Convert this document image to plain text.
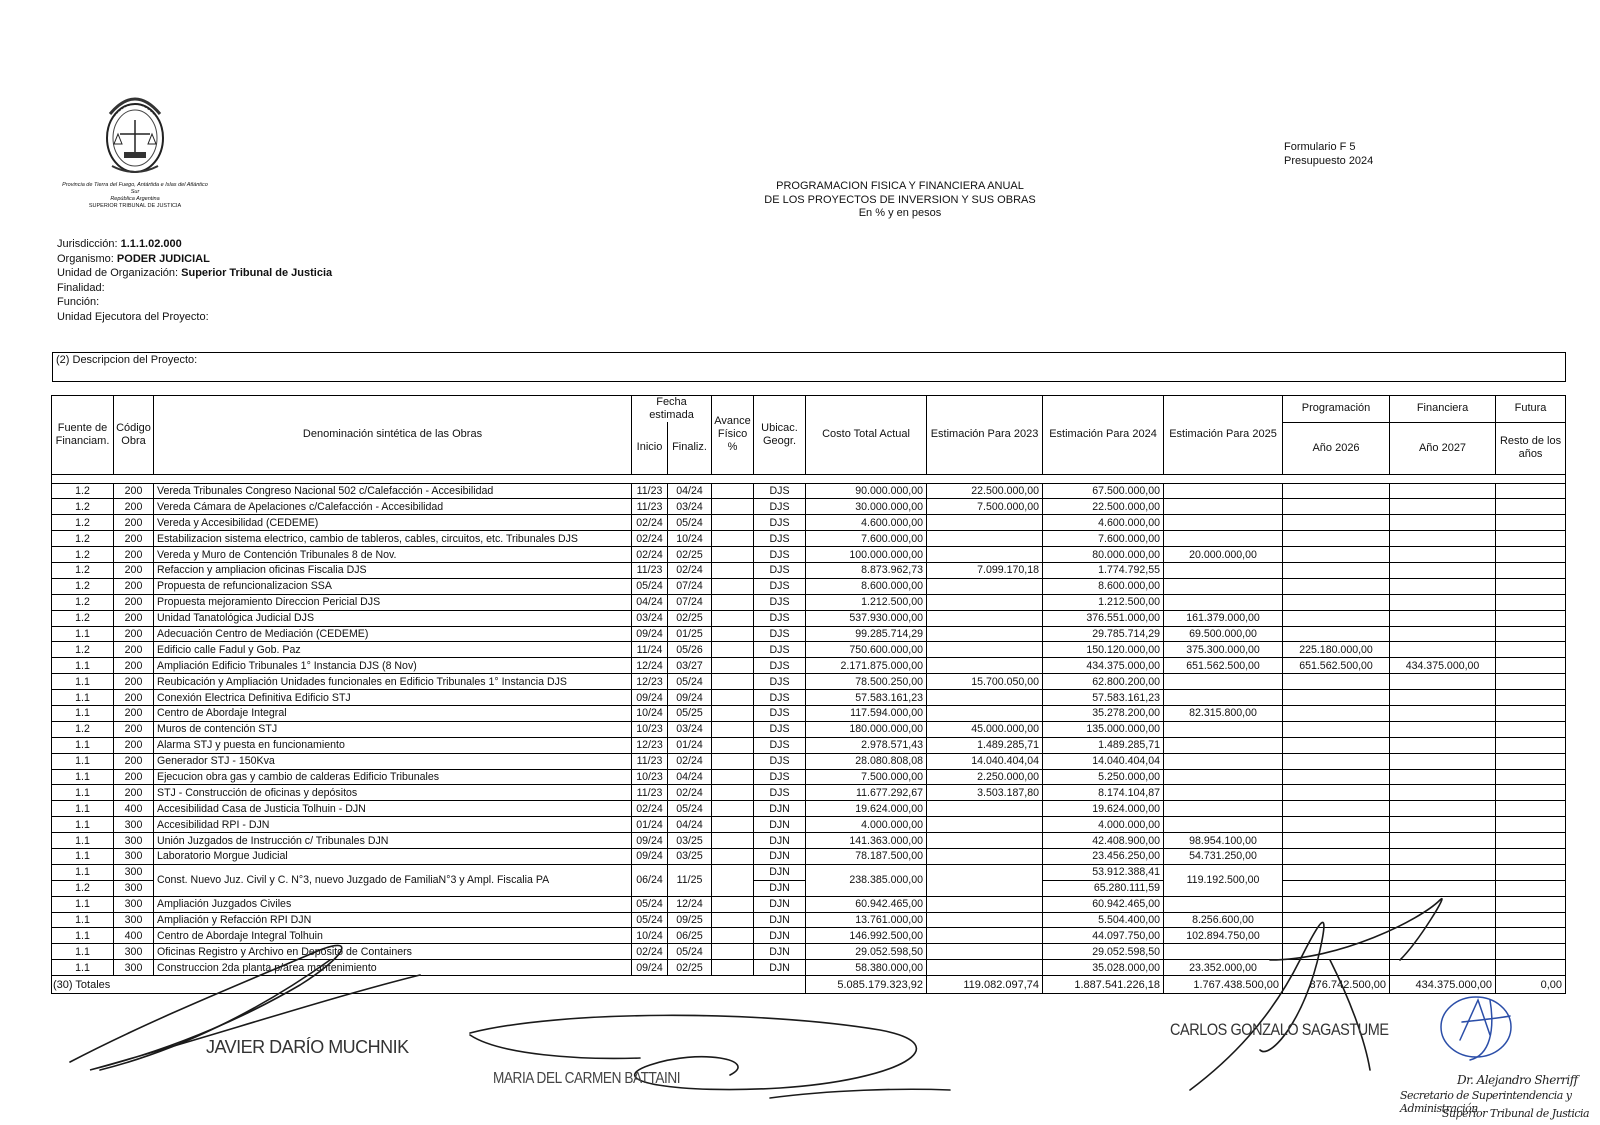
Provincia de Tierra del Fuego, Antártida e Islas del Atlántico Sur
República Argentina
SUPERIOR TRIBUNAL DE JUSTICIA
Formulario F 5
Presupuesto 2024
PROGRAMACION FISICA Y FINANCIERA ANUAL
DE LOS PROYECTOS DE INVERSION Y SUS OBRAS
En % y en pesos
Jurisdicción: 1.1.1.02.000
Organismo: PODER JUDICIAL
Unidad de Organización: Superior Tribunal de Justicia
Finalidad:
Función:
Unidad Ejecutora del Proyecto:
(2) Descripcion del Proyecto:
Fuente de Financiam.	Código Obra	Denominación sintética de las Obras	Fecha estimada		Avance Físico %	Ubicac. Geogr.	Costo Total Actual	Estimación Para 2023	Estimación Para 2024	Estimación Para 2025	Programación	Financiera	Futura
			Inicio	Finaliz.							Año 2026	Año 2027	Resto de los años

1.2	200	Vereda Tribunales Congreso Nacional 502 c/Calefacción - Accesibilidad	11/23	04/24		DJS	90.000.000,00	22.500.000,00	67.500.000,00				
1.2	200	Vereda Cámara de Apelaciones c/Calefacción - Accesibilidad	11/23	03/24		DJS	30.000.000,00	7.500.000,00	22.500.000,00				
1.2	200	Vereda y Accesibilidad (CEDEME)	02/24	05/24		DJS	4.600.000,00		4.600.000,00				
1.2	200	Estabilizacion sistema electrico, cambio de tableros, cables, circuitos, etc. Tribunales DJS	02/24	10/24		DJS	7.600.000,00		7.600.000,00				
1.2	200	Vereda y Muro de Contención Tribunales 8 de Nov.	02/24	02/25		DJS	100.000.000,00		80.000.000,00	20.000.000,00			
1.2	200	Refaccion y ampliacion oficinas Fiscalia DJS	11/23	02/24		DJS	8.873.962,73	7.099.170,18	1.774.792,55				
1.2	200	Propuesta de refuncionalizacion SSA	05/24	07/24		DJS	8.600.000,00		8.600.000,00				
1.2	200	Propuesta mejoramiento Direccion Pericial DJS	04/24	07/24		DJS	1.212.500,00		1.212.500,00				
1.2	200	Unidad Tanatológica Judicial DJS	03/24	02/25		DJS	537.930.000,00		376.551.000,00	161.379.000,00			
1.1	200	Adecuación Centro de Mediación (CEDEME)	09/24	01/25		DJS	99.285.714,29		29.785.714,29	69.500.000,00			
1.2	200	Edificio calle Fadul y Gob. Paz	11/24	05/26		DJS	750.600.000,00		150.120.000,00	375.300.000,00	225.180.000,00		
1.1	200	Ampliación Edificio Tribunales 1° Instancia DJS (8 Nov)	12/24	03/27		DJS	2.171.875.000,00		434.375.000,00	651.562.500,00	651.562.500,00	434.375.000,00	
1.1	200	Reubicación y Ampliación Unidades funcionales en Edificio Tribunales 1° Instancia DJS	12/23	05/24		DJS	78.500.250,00	15.700.050,00	62.800.200,00				
1.1	200	Conexión Electrica Definitiva Edificio STJ	09/24	09/24		DJS	57.583.161,23		57.583.161,23				
1.1	200	Centro de Abordaje Integral	10/24	05/25		DJS	117.594.000,00		35.278.200,00	82.315.800,00			
1.2	200	Muros de contención STJ	10/23	03/24		DJS	180.000.000,00	45.000.000,00	135.000.000,00				
1.1	200	Alarma STJ y puesta en funcionamiento	12/23	01/24		DJS	2.978.571,43	1.489.285,71	1.489.285,71				
1.1	200	Generador STJ - 150Kva	11/23	02/24		DJS	28.080.808,08	14.040.404,04	14.040.404,04				
1.1	200	Ejecucion obra gas y cambio de calderas Edificio Tribunales	10/23	04/24		DJS	7.500.000,00	2.250.000,00	5.250.000,00				
1.1	200	STJ - Construcción de oficinas y depósitos	11/23	02/24		DJS	11.677.292,67	3.503.187,80	8.174.104,87				
1.1	400	Accesibilidad Casa de Justicia Tolhuin - DJN	02/24	05/24		DJN	19.624.000,00		19.624.000,00				
1.1	300	Accesibilidad RPI - DJN	01/24	04/24		DJN	4.000.000,00		4.000.000,00				
1.1	300	Unión Juzgados de Instrucción c/ Tribunales DJN	09/24	03/25		DJN	141.363.000,00		42.408.900,00	98.954.100,00			
1.1	300	Laboratorio Morgue Judicial	09/24	03/25		DJN	78.187.500,00		23.456.250,00	54.731.250,00			
1.1	300	Const. Nuevo Juz. Civil y C. N°3, nuevo Juzgado de FamiliaN°3 y Ampl. Fiscalia PA	06/24	11/25		DJN	238.385.000,00		53.912.388,41	119.192.500,00			
1.2	300					DJN			65.280.111,59				
1.1	300	Ampliación Juzgados Civiles	05/24	12/24		DJN	60.942.465,00		60.942.465,00				
1.1	300	Ampliación y Refacción RPI DJN	05/24	09/25		DJN	13.761.000,00		5.504.400,00	8.256.600,00			
1.1	400	Centro de Abordaje Integral Tolhuin	10/24	06/25		DJN	146.992.500,00		44.097.750,00	102.894.750,00			
1.1	300	Oficinas Registro y Archivo en Deposito de Containers	02/24	05/24		DJN	29.052.598,50		29.052.598,50				
1.1	300	Construccion 2da planta p/area mantenimiento	09/24	02/25		DJN	58.380.000,00		35.028.000,00	23.352.000,00			
(30) Totales							5.085.179.323,92	119.082.097,74	1.887.541.226,18	1.767.438.500,00	876.742.500,00	434.375.000,00	0,00
JAVIER DARÍO MUCHNIK
MARIA DEL CARMEN BATTAINI
CARLOS GONZALO SAGASTUME
Dr. Alejandro Sherriff
Secretario de Superintendencia y Administración
Superior Tribunal de Justicia
